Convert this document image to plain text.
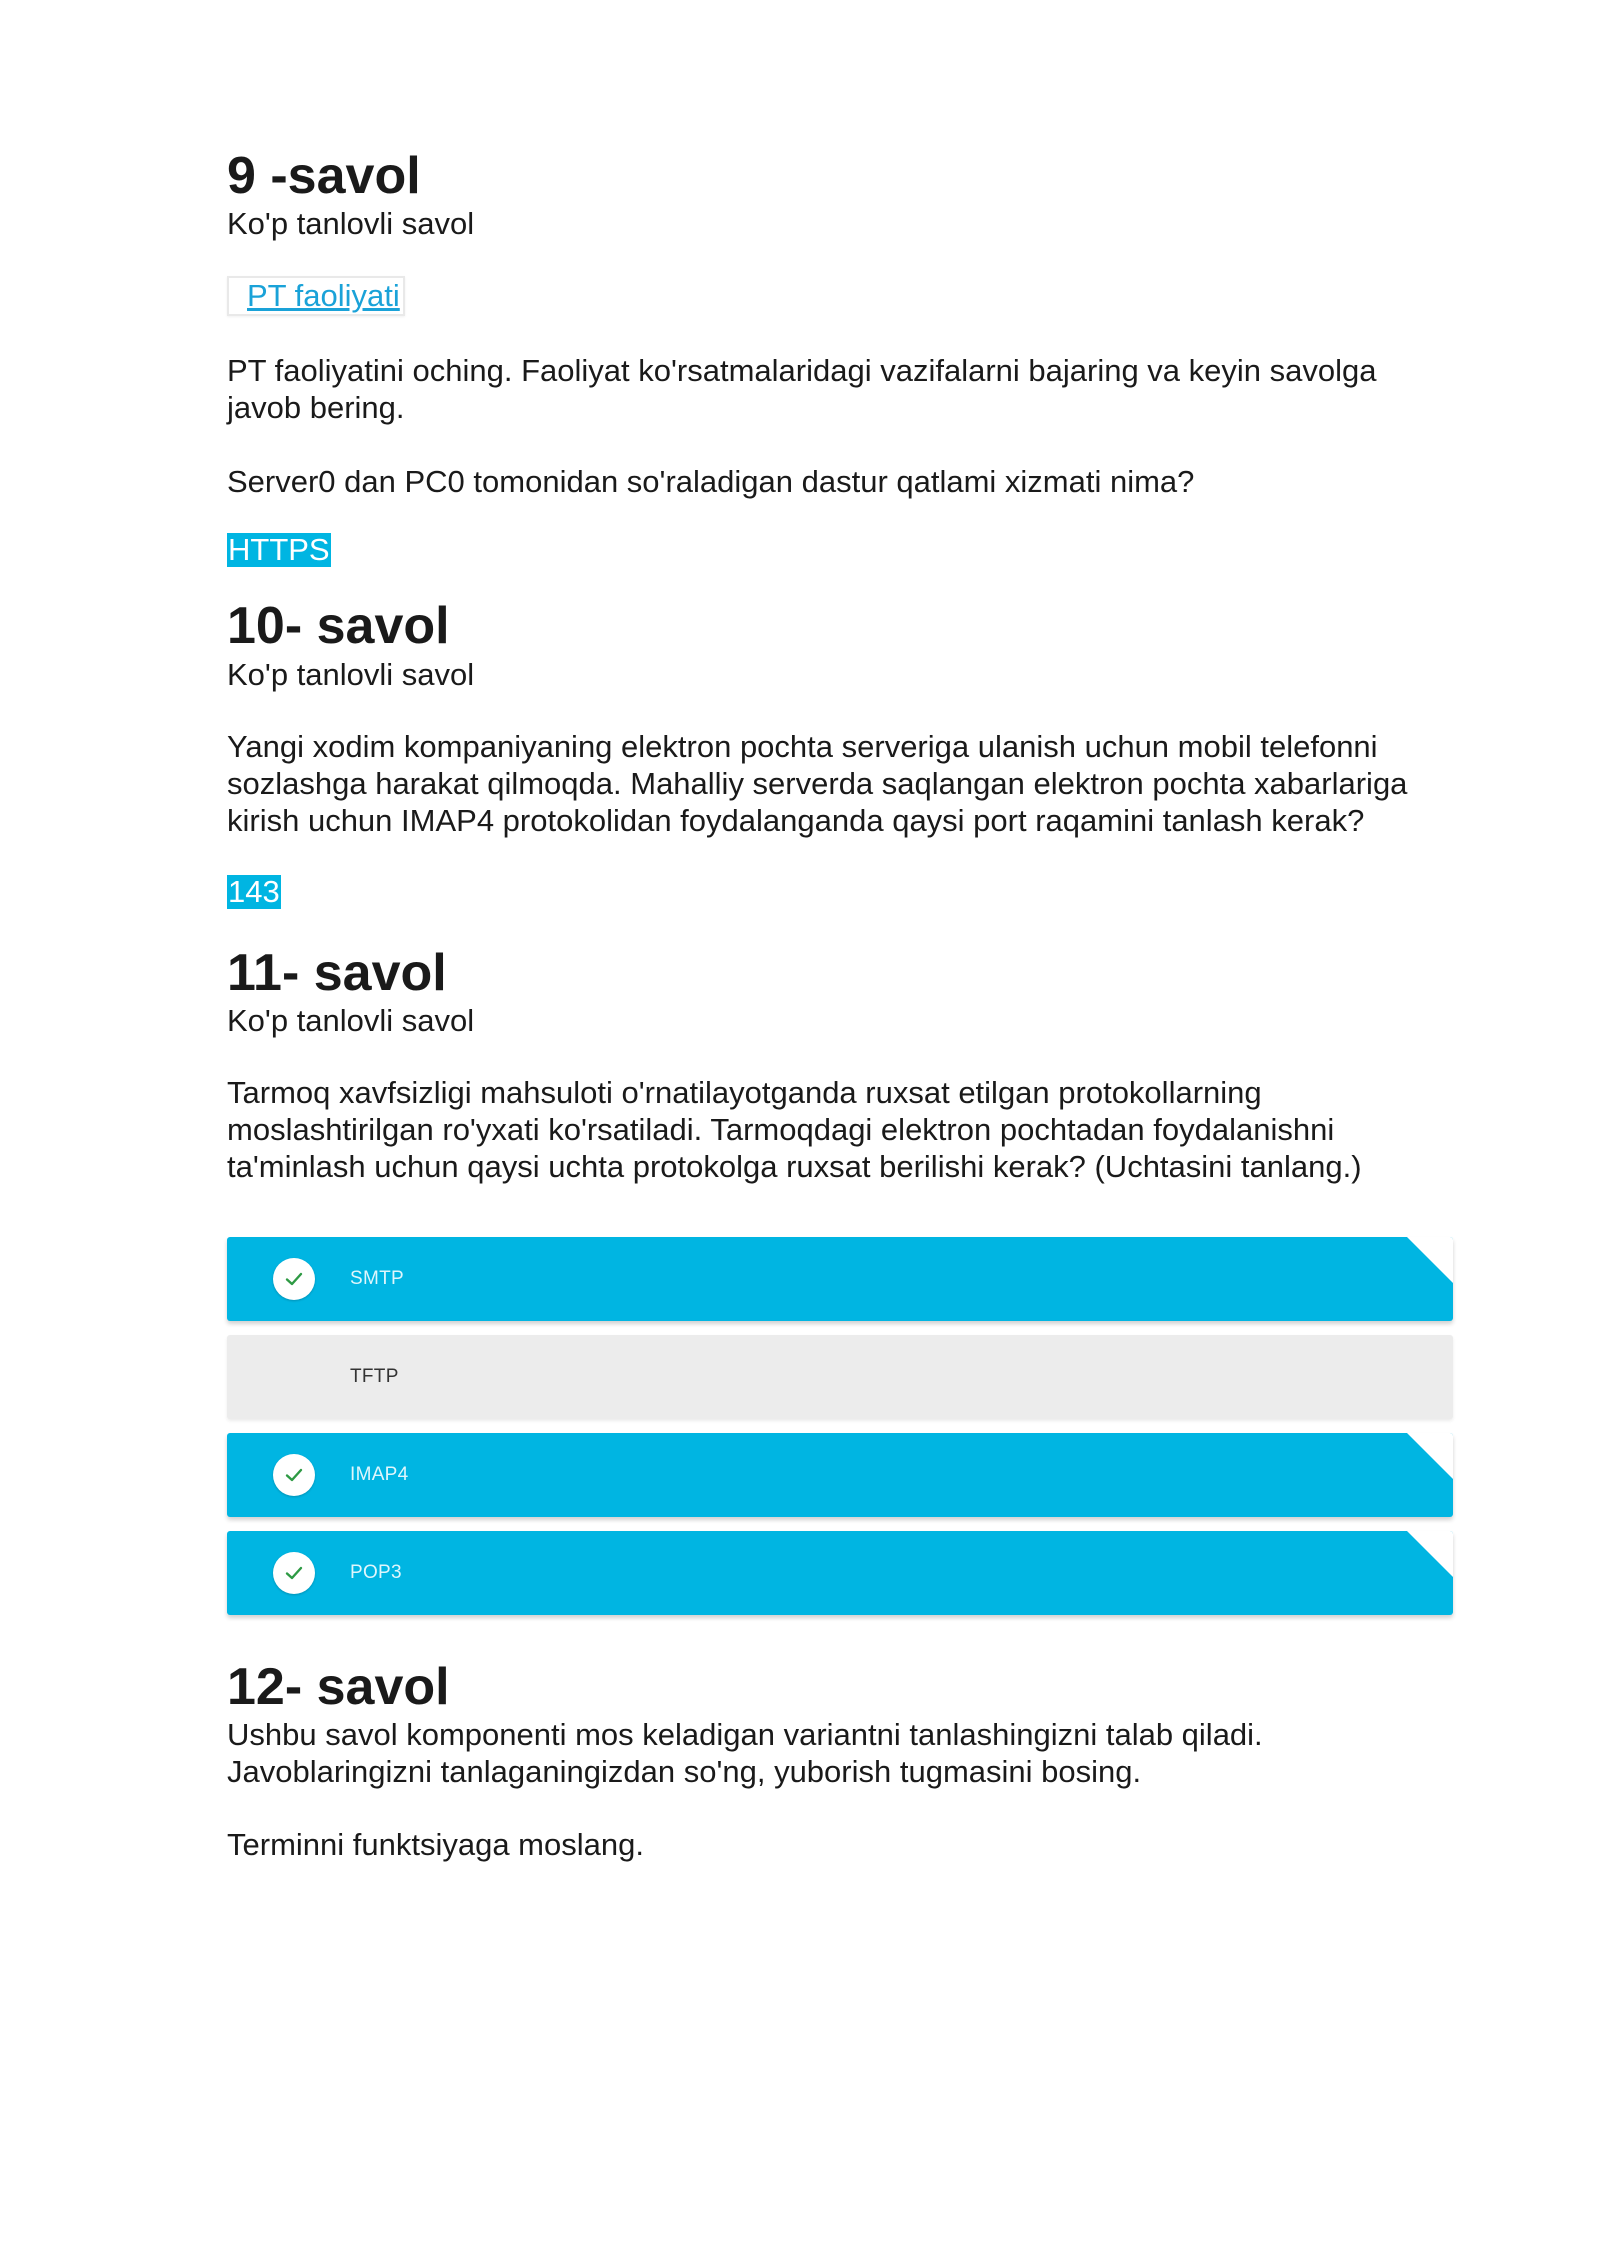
9 -savol

Ko'p tanlovli savol

PT faoliyati

PT faoliyatini oching. Faoliyat ko'rsatmalaridagi vazifalarni bajaring va keyin savolga javob bering.

Server0 dan PC0 tomonidan so'raladigan dastur qatlami xizmati nima?

HTTPS
10- savol

Ko'p tanlovli savol

Yangi xodim kompaniyaning elektron pochta serveriga ulanish uchun mobil telefonni sozlashga harakat qilmoqda. Mahalliy serverda saqlangan elektron pochta xabarlariga kirish uchun IMAP4 protokolidan foydalanganda qaysi port raqamini tanlash kerak?

143
11- savol

Ko'p tanlovli savol

Tarmoq xavfsizligi mahsuloti o'rnatilayotganda ruxsat etilgan protokollarning moslashtirilgan ro'yxati ko'rsatiladi. Tarmoqdagi elektron pochtadan foydalanishni ta'minlash uchun qaysi uchta protokolga ruxsat berilishi kerak? (Uchtasini tanlang.)

SMTP
TFTP
IMAP4
POP3
12- savol

Ushbu savol komponenti mos keladigan variantni tanlashingizni talab qiladi. Javoblaringizni tanlaganingizdan so'ng, yuborish tugmasini bosing.

Terminni funktsiyaga moslang.
